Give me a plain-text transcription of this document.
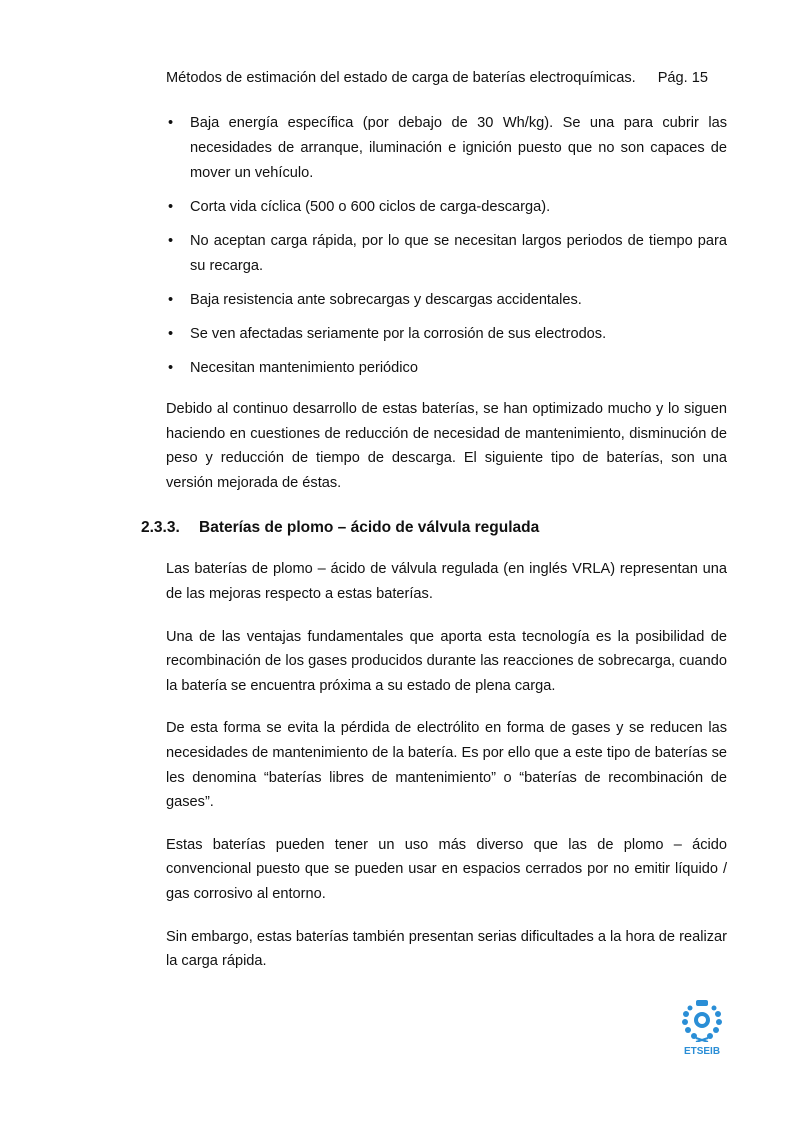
Métodos de estimación del estado de carga de baterías electroquímicas. Pág. 15
• Baja energía específica (por debajo de 30 Wh/kg). Se una para cubrir las necesidades de arranque, iluminación e ignición puesto que no son capaces de mover un vehículo.
• Corta vida cíclica (500 o 600 ciclos de carga-descarga).
• No aceptan carga rápida, por lo que se necesitan largos periodos de tiempo para su recarga.
• Baja resistencia ante sobrecargas y descargas accidentales.
• Se ven afectadas seriamente por la corrosión de sus electrodos.
• Necesitan mantenimiento periódico

Debido al continuo desarrollo de estas baterías, se han optimizado mucho y lo siguen haciendo en cuestiones de reducción de necesidad de mantenimiento, disminución de peso y reducción de tiempo de descarga. El siguiente tipo de baterías, son una versión mejorada de éstas.

2.3.3.	Baterías de plomo – ácido de válvula regulada

Las baterías de plomo – ácido de válvula regulada (en inglés VRLA) representan una de las mejoras respecto a estas baterías.

Una de las ventajas fundamentales que aporta esta tecnología es la posibilidad de recombinación de los gases producidos durante las reacciones de sobrecarga, cuando la batería se encuentra próxima a su estado de plena carga.

De esta forma se evita la pérdida de electrólito en forma de gases y se reducen las necesidades de mantenimiento de la batería. Es por ello que a este tipo de baterías se les denomina “baterías libres de mantenimiento” o “baterías de recombinación de gases”.

Estas baterías pueden tener un uso más diverso que las de plomo – ácido convencional puesto que se pueden usar en espacios cerrados por no emitir líquido / gas corrosivo al entorno.

Sin embargo, estas baterías también presentan serias dificultades a la hora de realizar la carga rápida.

ETSEIB
